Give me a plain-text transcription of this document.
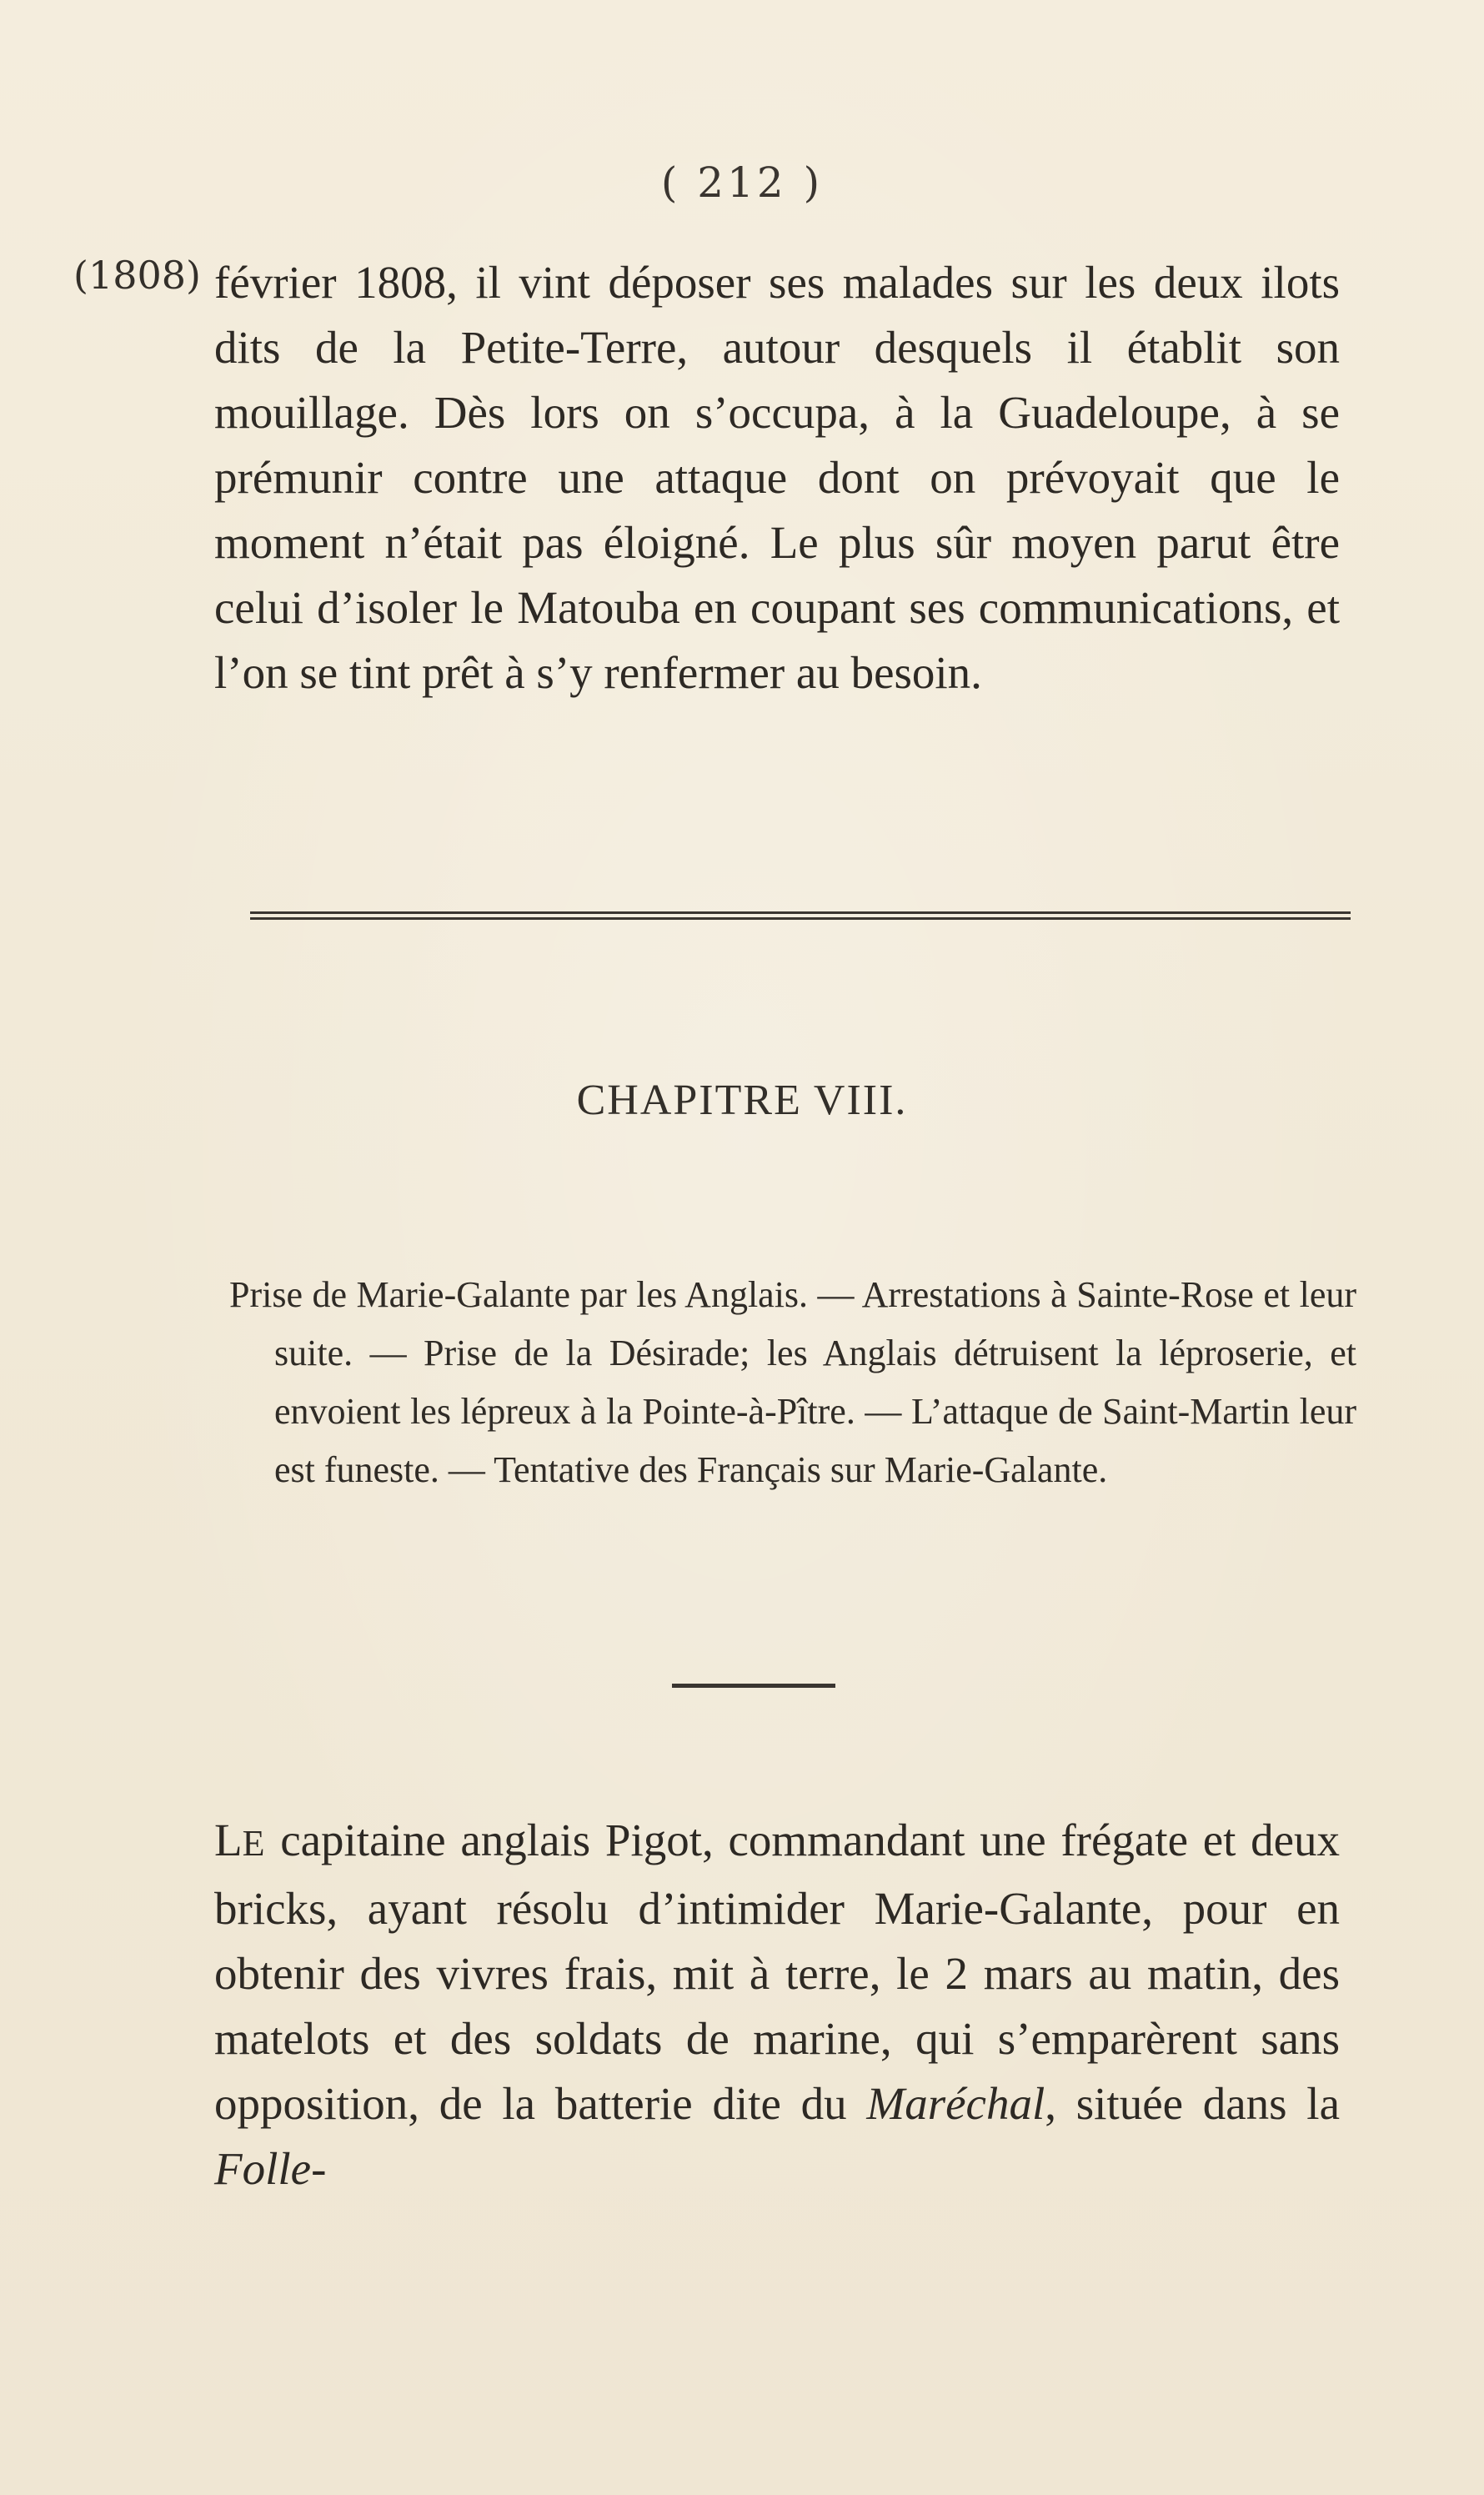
( 212 )
(1808) février 1808, il vint déposer ses malades sur les deux ilots dits de la Petite-Terre, autour desquels il établit son mouillage. Dès lors on s’occupa, à la Guadeloupe, à se prémunir contre une attaque dont on prévoyait que le moment n’était pas éloigné. Le plus sûr moyen parut être celui d’isoler le Matouba en coupant ses communications, et l’on se tint prêt à s’y renfermer au besoin.

CHAPITRE VIII.

Prise de Marie-Galante par les Anglais. — Arrestations à Sainte-Rose et leur suite. — Prise de la Désirade; les Anglais détruisent la léproserie, et envoient les lépreux à la Pointe-à-Pître. — L’attaque de Saint-Martin leur est funeste. — Tentative des Français sur Marie-Galante.

LE capitaine anglais Pigot, commandant une frégate et deux bricks, ayant résolu d’intimider Marie-Galante, pour en obtenir des vivres frais, mit à terre, le 2 mars au matin, des matelots et des soldats de marine, qui s’emparèrent sans opposition, de la batterie dite du Maréchal, située dans la Folle-
